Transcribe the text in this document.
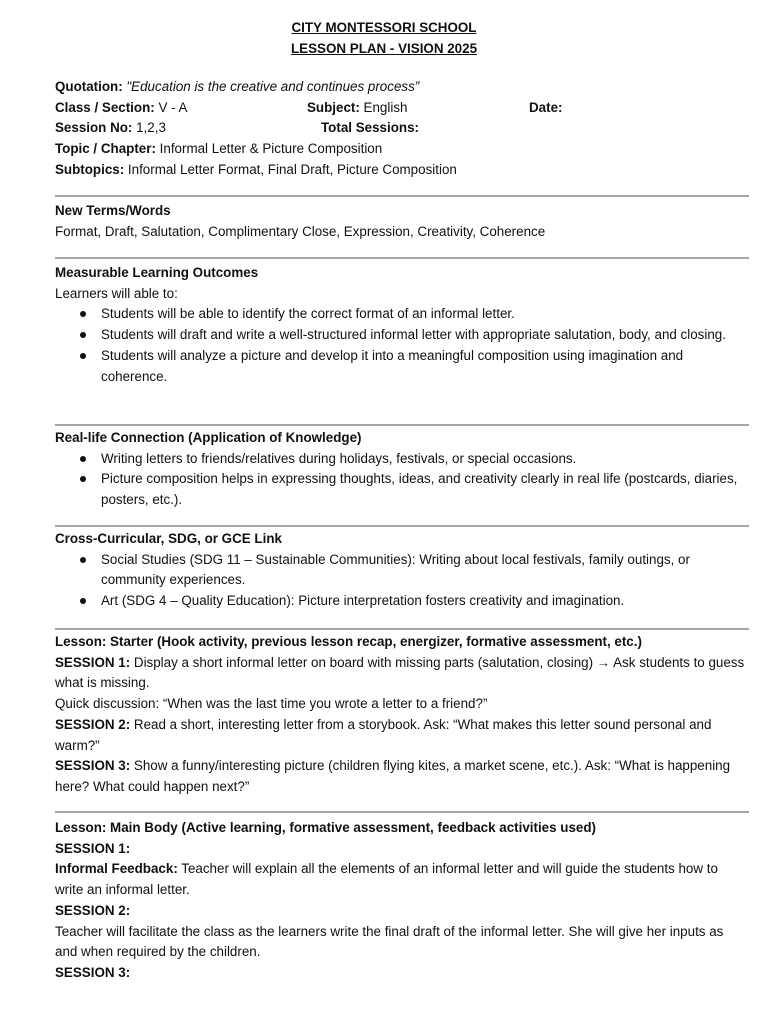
CITY MONTESSORI SCHOOL
LESSON PLAN - VISION 2025
Quotation: "Education is the creative and continues process”
Class / Section: V - A	Subject: English	Date:
Session No: 1,2,3	Total Sessions:
Topic / Chapter: Informal Letter & Picture Composition
Subtopics: Informal Letter Format, Final Draft, Picture Composition
New Terms/Words

Format, Draft, Salutation, Complimentary Close, Expression, Creativity, Coherence

Measurable Learning Outcomes

Learners will able to:

Students will be able to identify the correct format of an informal letter.
Students will draft and write a well-structured informal letter with appropriate salutation, body, and closing.
Students will analyze a picture and develop it into a meaningful composition using imagination and coherence.
Real-life Connection (Application of Knowledge)
Writing letters to friends/relatives during holidays, festivals, or special occasions.
Picture composition helps in expressing thoughts, ideas, and creativity clearly in real life (postcards, diaries, posters, etc.).
Cross-Curricular, SDG, or GCE Link
Social Studies (SDG 11 – Sustainable Communities): Writing about local festivals, family outings, or community experiences.
Art (SDG 4 – Quality Education): Picture interpretation fosters creativity and imagination.
Lesson: Starter (Hook activity, previous lesson recap, energizer, formative assessment, etc.)

SESSION 1: Display a short informal letter on board with missing parts (salutation, closing) → Ask students to guess what is missing.

Quick discussion: “When was the last time you wrote a letter to a friend?”

SESSION 2: Read a short, interesting letter from a storybook. Ask: “What makes this letter sound personal and warm?”

SESSION 3: Show a funny/interesting picture (children flying kites, a market scene, etc.). Ask: “What is happening here? What could happen next?”

Lesson: Main Body (Active learning, formative assessment, feedback activities used)

SESSION 1:

Informal Feedback: Teacher will explain all the elements of an informal letter and will guide the students how to write an informal letter.

SESSION 2:

Teacher will facilitate the class as the learners write the final draft of the informal letter. She will give her inputs as and when required by the children.

SESSION 3:
